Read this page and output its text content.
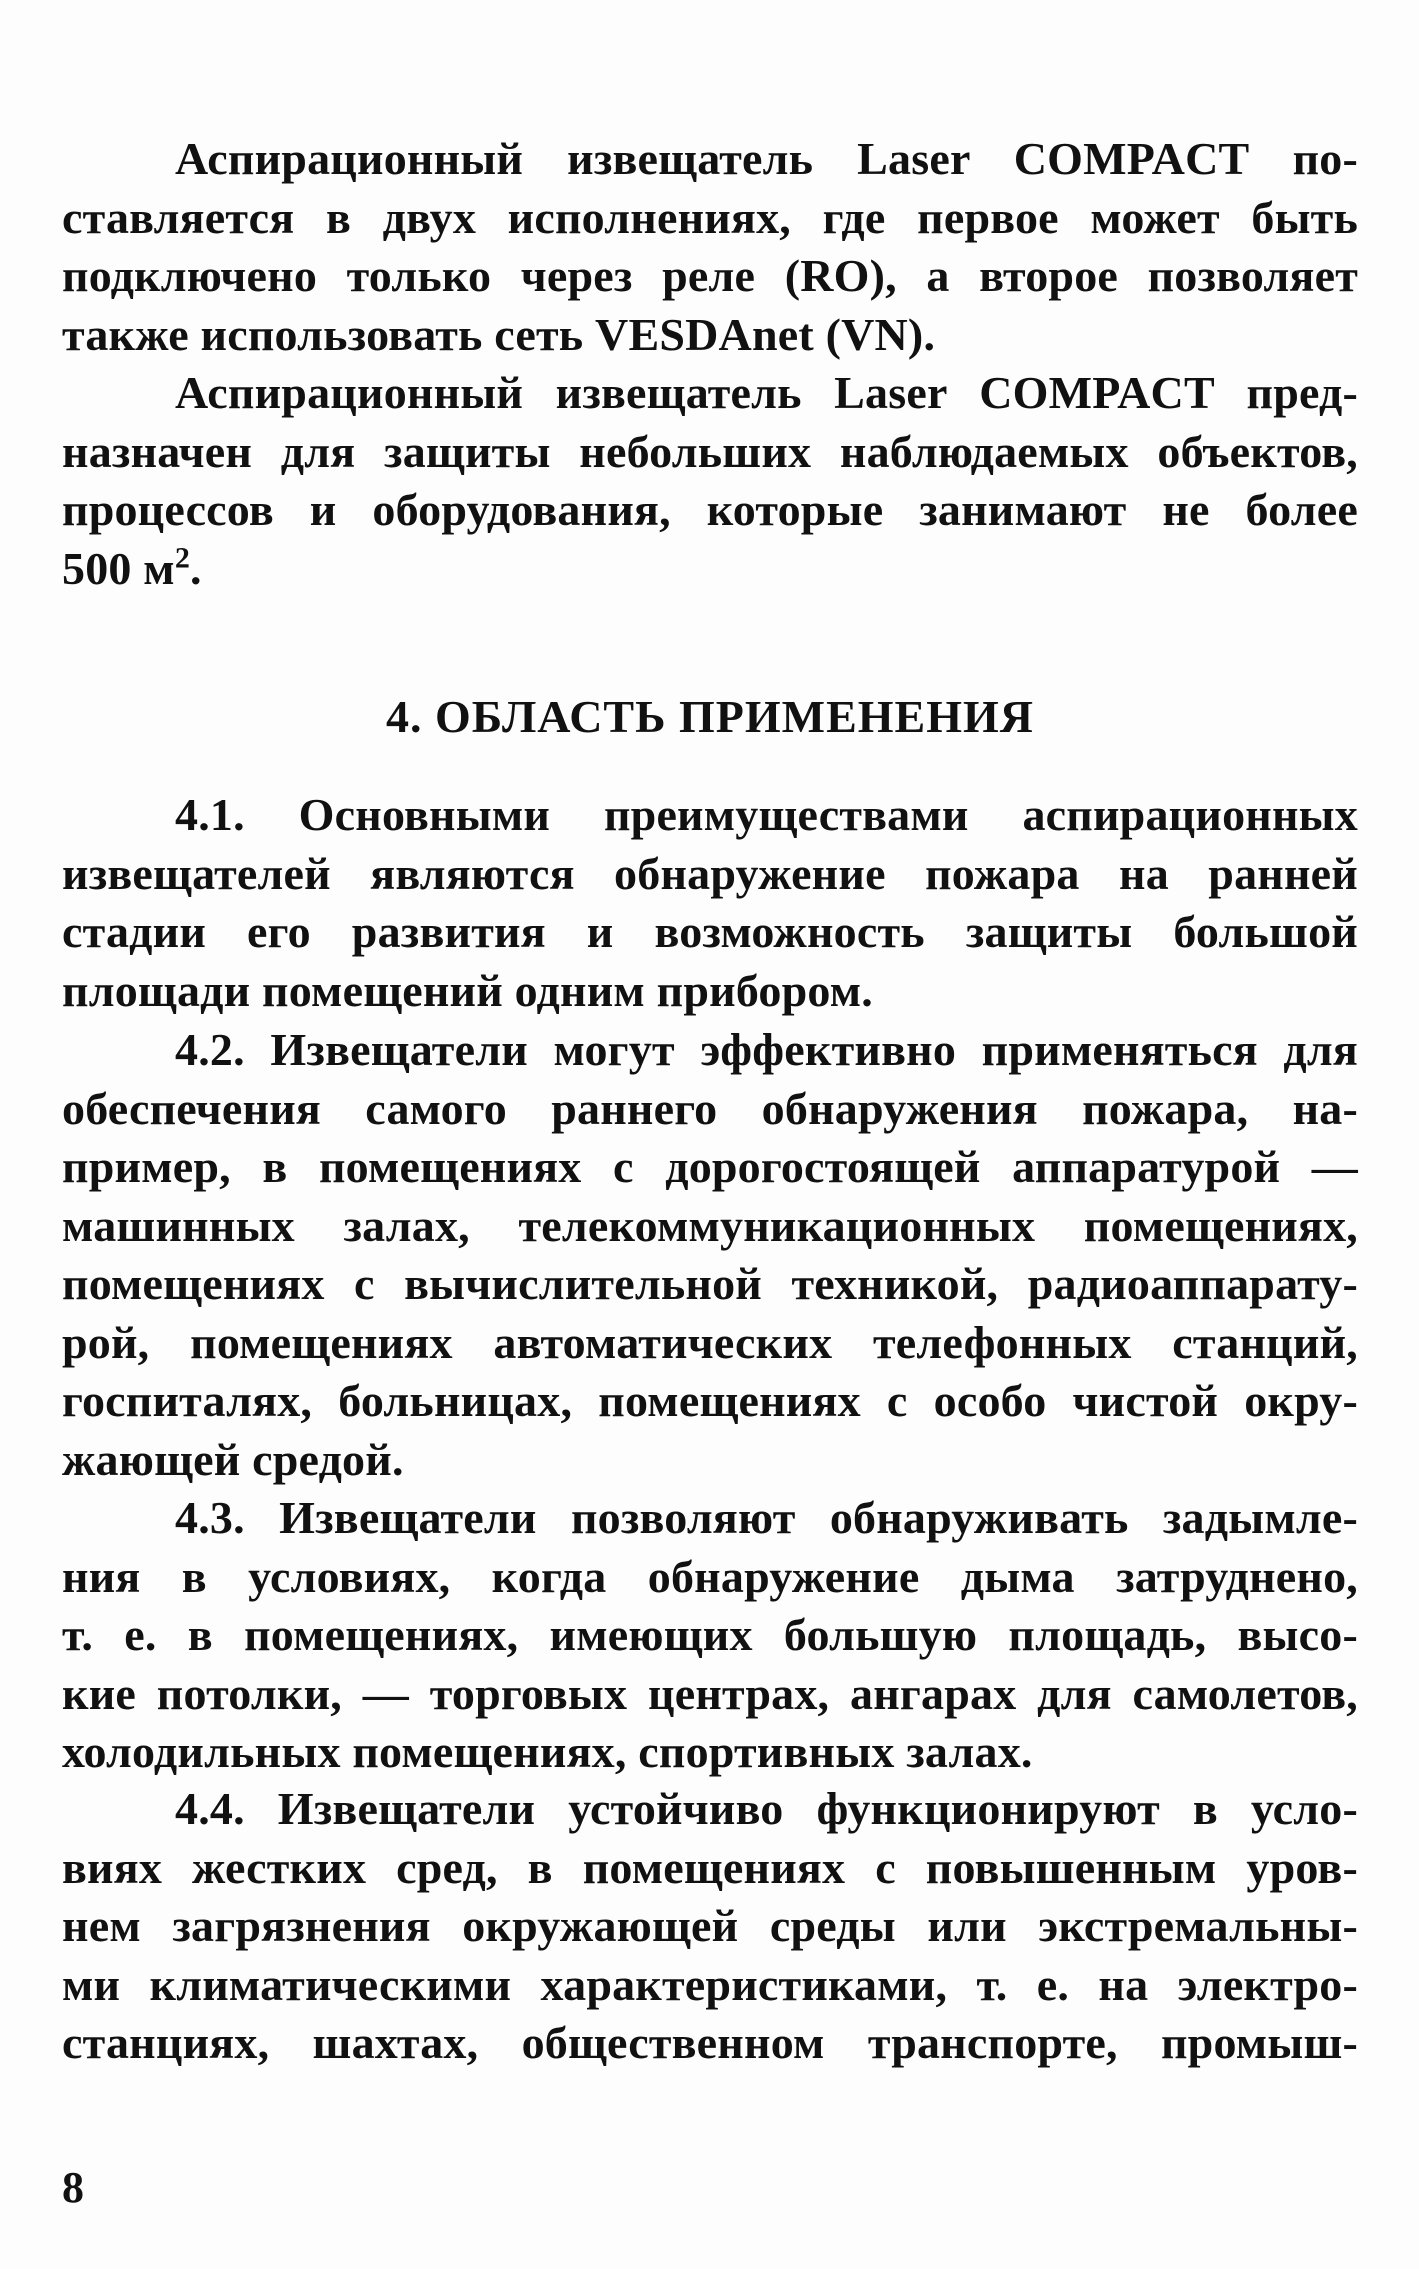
Аспирационный извещатель Laser COMPACT по-
ставляется в двух исполнениях, где первое может быть
подключено только через реле (RO), а второе позволяет
также использовать сеть VESDAnet (VN).

Аспирационный извещатель Laser COMPACT пред-
назначен для защиты небольших наблюдаемых объектов,
процессов и оборудования, которые занимают не более
500 $м^2$.

4. ОБЛАСТЬ ПРИМЕНЕНИЯ

4.1. Основными преимуществами аспирационных
извещателей являются обнаружение пожара на ранней
стадии его развития и возможность защиты большой
площади помещений одним прибором.

4.2. Извещатели могут эффективно применяться для
обеспечения самого раннего обнаружения пожара, на-
пример, в помещениях с дорогостоящей аппаратурой —
машинных залах, телекоммуникационных помещениях,
помещениях с вычислительной техникой, радиоаппарату-
рой, помещениях автоматических телефонных станций,
госпиталях, больницах, помещениях с особо чистой окру-
жающей средой.

4.3. Извещатели позволяют обнаруживать задымле-
ния в условиях, когда обнаружение дыма затруднено,
т. е. в помещениях, имеющих большую площадь, высо-
кие потолки, — торговых центрах, ангарах для самолетов,
холодильных помещениях, спортивных залах.

4.4. Извещатели устойчиво функционируют в усло-
виях жестких сред, в помещениях с повышенным уров-
нем загрязнения окружающей среды или экстремальны-
ми климатическими характеристиками, т. е. на электро-
станциях, шахтах, общественном транспорте, промыш-

8
